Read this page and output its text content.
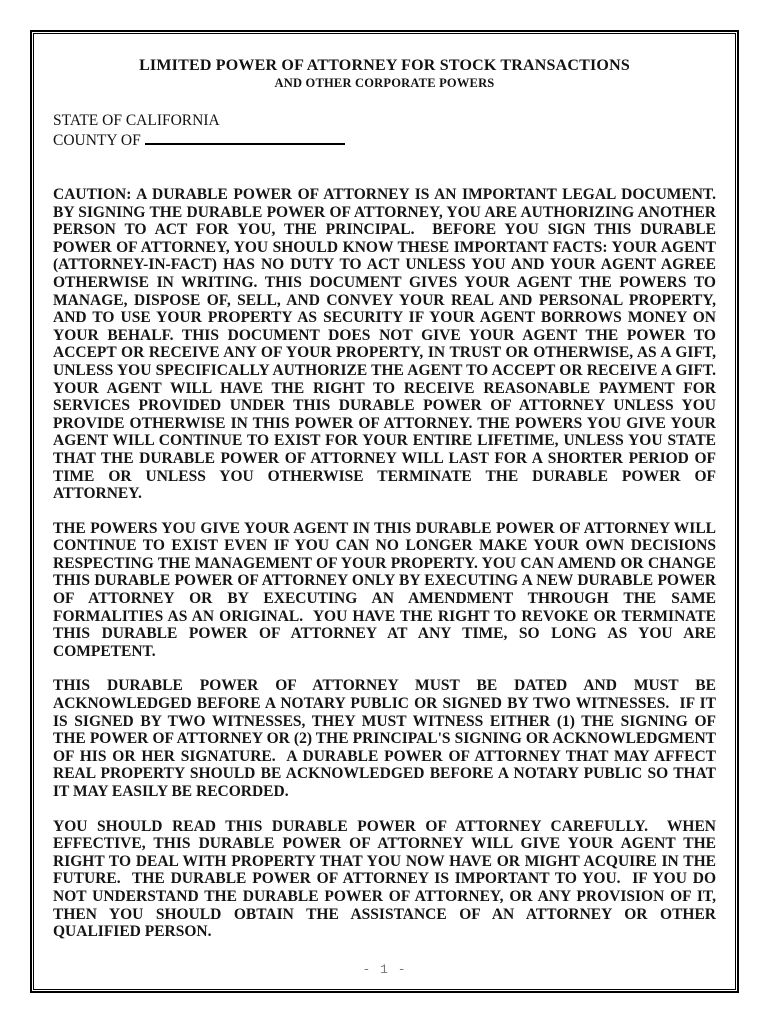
LIMITED POWER OF ATTORNEY FOR STOCK TRANSACTIONS
AND OTHER CORPORATE POWERS
STATE OF CALIFORNIA
COUNTY OF

CAUTION: A DURABLE POWER OF ATTORNEY IS AN IMPORTANT LEGAL DOCUMENT. BY SIGNING THE DURABLE POWER OF ATTORNEY, YOU ARE AUTHORIZING ANOTHER PERSON TO ACT FOR YOU, THE PRINCIPAL.  BEFORE YOU SIGN THIS DURABLE POWER OF ATTORNEY, YOU SHOULD KNOW THESE IMPORTANT FACTS: YOUR AGENT (ATTORNEY-IN-FACT) HAS NO DUTY TO ACT UNLESS YOU AND YOUR AGENT AGREE OTHERWISE IN WRITING. THIS DOCUMENT GIVES YOUR AGENT THE POWERS TO MANAGE, DISPOSE OF, SELL, AND CONVEY YOUR REAL AND PERSONAL PROPERTY, AND TO USE YOUR PROPERTY AS SECURITY IF YOUR AGENT BORROWS MONEY ON YOUR BEHALF. THIS DOCUMENT DOES NOT GIVE YOUR AGENT THE POWER TO ACCEPT OR RECEIVE ANY OF YOUR PROPERTY, IN TRUST OR OTHERWISE, AS A GIFT, UNLESS YOU SPECIFICALLY AUTHORIZE THE AGENT TO ACCEPT OR RECEIVE A GIFT. YOUR AGENT WILL HAVE THE RIGHT TO RECEIVE REASONABLE PAYMENT FOR SERVICES PROVIDED UNDER THIS DURABLE POWER OF ATTORNEY UNLESS YOU PROVIDE OTHERWISE IN THIS POWER OF ATTORNEY. THE POWERS YOU GIVE YOUR AGENT WILL CONTINUE TO EXIST FOR YOUR ENTIRE LIFETIME, UNLESS YOU STATE THAT THE DURABLE POWER OF ATTORNEY WILL LAST FOR A SHORTER PERIOD OF TIME OR UNLESS YOU OTHERWISE TERMINATE THE DURABLE POWER OF ATTORNEY.

THE POWERS YOU GIVE YOUR AGENT IN THIS DURABLE POWER OF ATTORNEY WILL CONTINUE TO EXIST EVEN IF YOU CAN NO LONGER MAKE YOUR OWN DECISIONS RESPECTING THE MANAGEMENT OF YOUR PROPERTY. YOU CAN AMEND OR CHANGE THIS DURABLE POWER OF ATTORNEY ONLY BY EXECUTING A NEW DURABLE POWER OF ATTORNEY OR BY EXECUTING AN AMENDMENT THROUGH THE SAME FORMALITIES AS AN ORIGINAL.  YOU HAVE THE RIGHT TO REVOKE OR TERMINATE THIS DURABLE POWER OF ATTORNEY AT ANY TIME, SO LONG AS YOU ARE COMPETENT.

THIS DURABLE POWER OF ATTORNEY MUST BE DATED AND MUST BE ACKNOWLEDGED BEFORE A NOTARY PUBLIC OR SIGNED BY TWO WITNESSES.  IF IT IS SIGNED BY TWO WITNESSES, THEY MUST WITNESS EITHER (1) THE SIGNING OF THE POWER OF ATTORNEY OR (2) THE PRINCIPAL'S SIGNING OR ACKNOWLEDGMENT OF HIS OR HER SIGNATURE.  A DURABLE POWER OF ATTORNEY THAT MAY AFFECT REAL PROPERTY SHOULD BE ACKNOWLEDGED BEFORE A NOTARY PUBLIC SO THAT IT MAY EASILY BE RECORDED.

YOU SHOULD READ THIS DURABLE POWER OF ATTORNEY CAREFULLY.  WHEN EFFECTIVE, THIS DURABLE POWER OF ATTORNEY WILL GIVE YOUR AGENT THE RIGHT TO DEAL WITH PROPERTY THAT YOU NOW HAVE OR MIGHT ACQUIRE IN THE FUTURE.  THE DURABLE POWER OF ATTORNEY IS IMPORTANT TO YOU.  IF YOU DO NOT UNDERSTAND THE DURABLE POWER OF ATTORNEY, OR ANY PROVISION OF IT, THEN YOU SHOULD OBTAIN THE ASSISTANCE OF AN ATTORNEY OR OTHER QUALIFIED PERSON.

- 1 -
